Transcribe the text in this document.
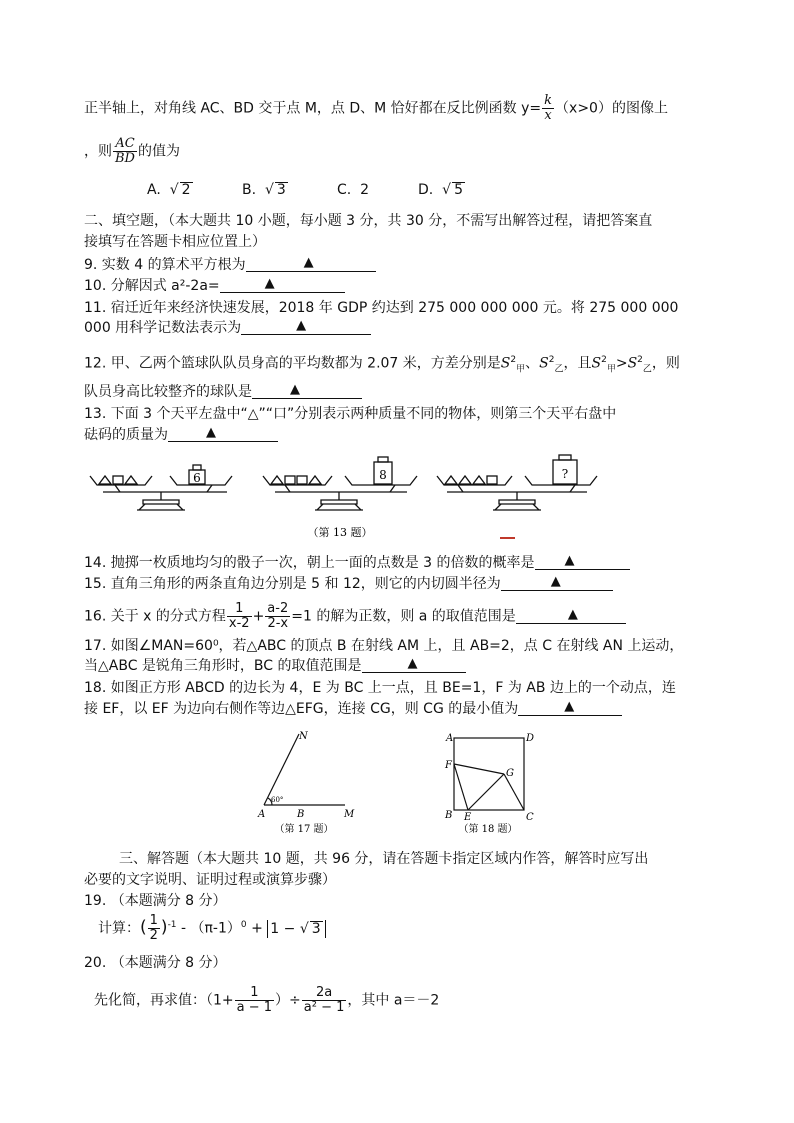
正半轴上，对角线 AC、BD 交于点 M，点 D、M 恰好都在反比例函数 $y= \frac{k}{x} (x>0)$的图像上
，则 $\frac{AC}{BD}$ 的值为
A. √ 2	B. √ 3	C. 2	D. √ 5
二、填空题，（本大题共 10 小题，每小题 3 分，共 30 分，不需写出解答过程，请把答案直
接填写在答题卡相应位置上）
9. 实数 4 的算术平方根为	▲
10. 分解因式 a²-2a=	▲
11. 宿迁近年来经济快速发展，2018 年 GDP 约达到 275 000 000 000 元。将 275 000 000
000 用科学记数法表示为	▲
12. 甲、乙两个篮球队队员身高的平均数都为 2.07 米，方差分别是$S^2_甲$、$S^2_乙$，且$S^2_甲>S^2_乙$，则
队员身高比较整齐的球队是	▲
13. 下面 3 个天平左盘中“△”“口”分别表示两种质量不同的物体，则第三个天平右盘中
砝码的质量为	▲
6	8	?
（第 13 题）
14. 抛掷一枚质地均匀的骰子一次，朝上一面的点数是 3 的倍数的概率是 ▲
15. 直角三角形的两条直角边分别是 5 和 12，则它的内切圆半径为	▲
16. 关于 x 的分式方程 $\frac{1}{x-2} + \frac{a-2}{2-x} =1$ 的解为正数，则 a 的取值范围是	▲
17. 如图∠MAN=60⁰，若△ABC 的顶点 B 在射线 AM 上，且 AB=2，点 C 在射线 AN 上运动，
当△ABC 是锐角三角形时，BC 的取值范围是	▲
18. 如图正方形 ABCD 的边长为 4，E 为 BC 上一点，且 BE=1，F 为 AB 边上的一个动点，连
接 EF，以 EF 为边向右侧作等边△EFG，连接 CG，则 CG 的最小值为	▲
N
A	B	M
60°
（第 17 题）
A	D
F
G
B E	C
（第 18 题）
三、解答题（本大题共 10 题，共 96 分，请在答题卡指定区域内作答，解答时应写出
必要的文字说明、证明过程或演算步骤）
19. （本题满分 8 分）
计算：( $\frac{1}{2} )^{-1} - (\pi-1)^0 + 1$ − √ 3
20. （本题满分 8 分）
先化简，再求值：（$1+ \frac{1}{a - 1}$ ）÷ $\frac{2a}{\text{a² − 1}}$ ，其中 a＝－2
